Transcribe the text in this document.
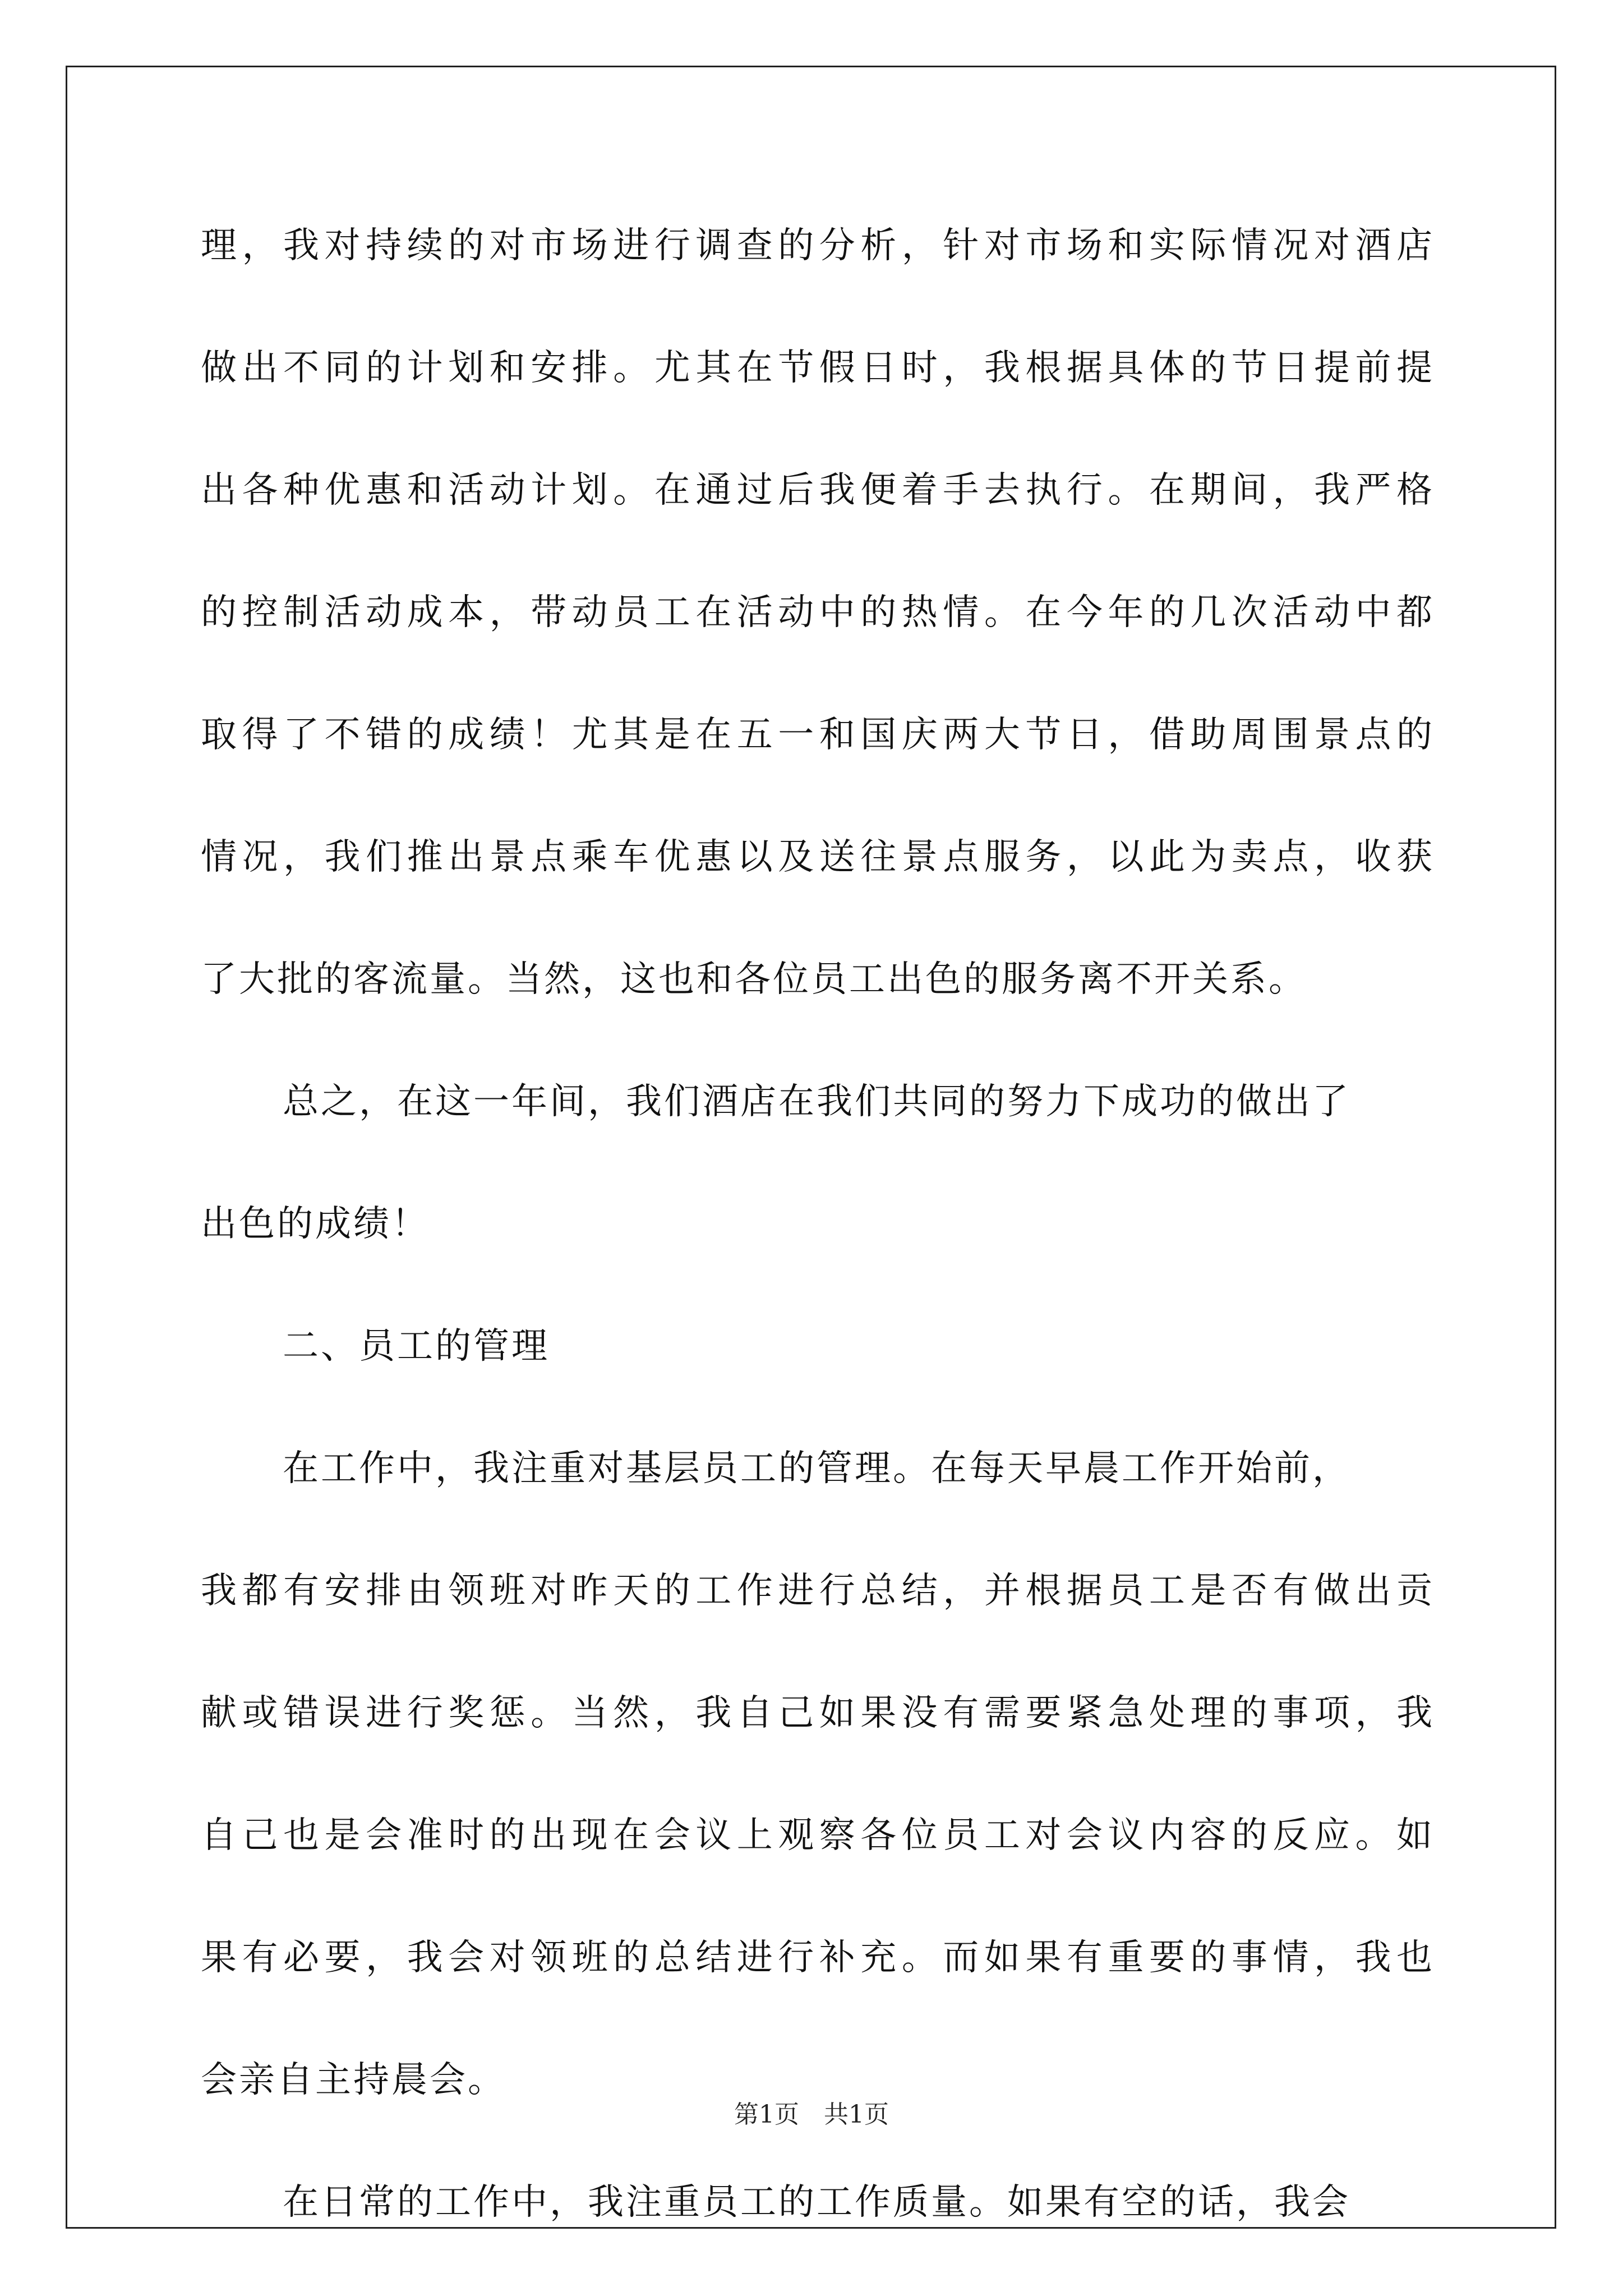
理，我对持续的对市场进行调查的分析，针对市场和实际情况对酒店
做出不同的计划和安排。尤其在节假日时，我根据具体的节日提前提
出各种优惠和活动计划。在通过后我便着手去执行。在期间，我严格
的控制活动成本，带动员工在活动中的热情。在今年的几次活动中都
取得了不错的成绩！尤其是在五一和国庆两大节日，借助周围景点的
情况，我们推出景点乘车优惠以及送往景点服务，以此为卖点，收获
了大批的客流量。当然，这也和各位员工出色的服务离不开关系。
总之，在这一年间，我们酒店在我们共同的努力下成功的做出了
出色的成绩！
二、员工的管理
在工作中，我注重对基层员工的管理。在每天早晨工作开始前，
我都有安排由领班对昨天的工作进行总结，并根据员工是否有做出贡
献或错误进行奖惩。当然，我自己如果没有需要紧急处理的事项，我
自己也是会准时的出现在会议上观察各位员工对会议内容的反应。如
果有必要，我会对领班的总结进行补充。而如果有重要的事情，我也
会亲自主持晨会。
在日常的工作中，我注重员工的工作质量。如果有空的话，我会
第1页　共1页
